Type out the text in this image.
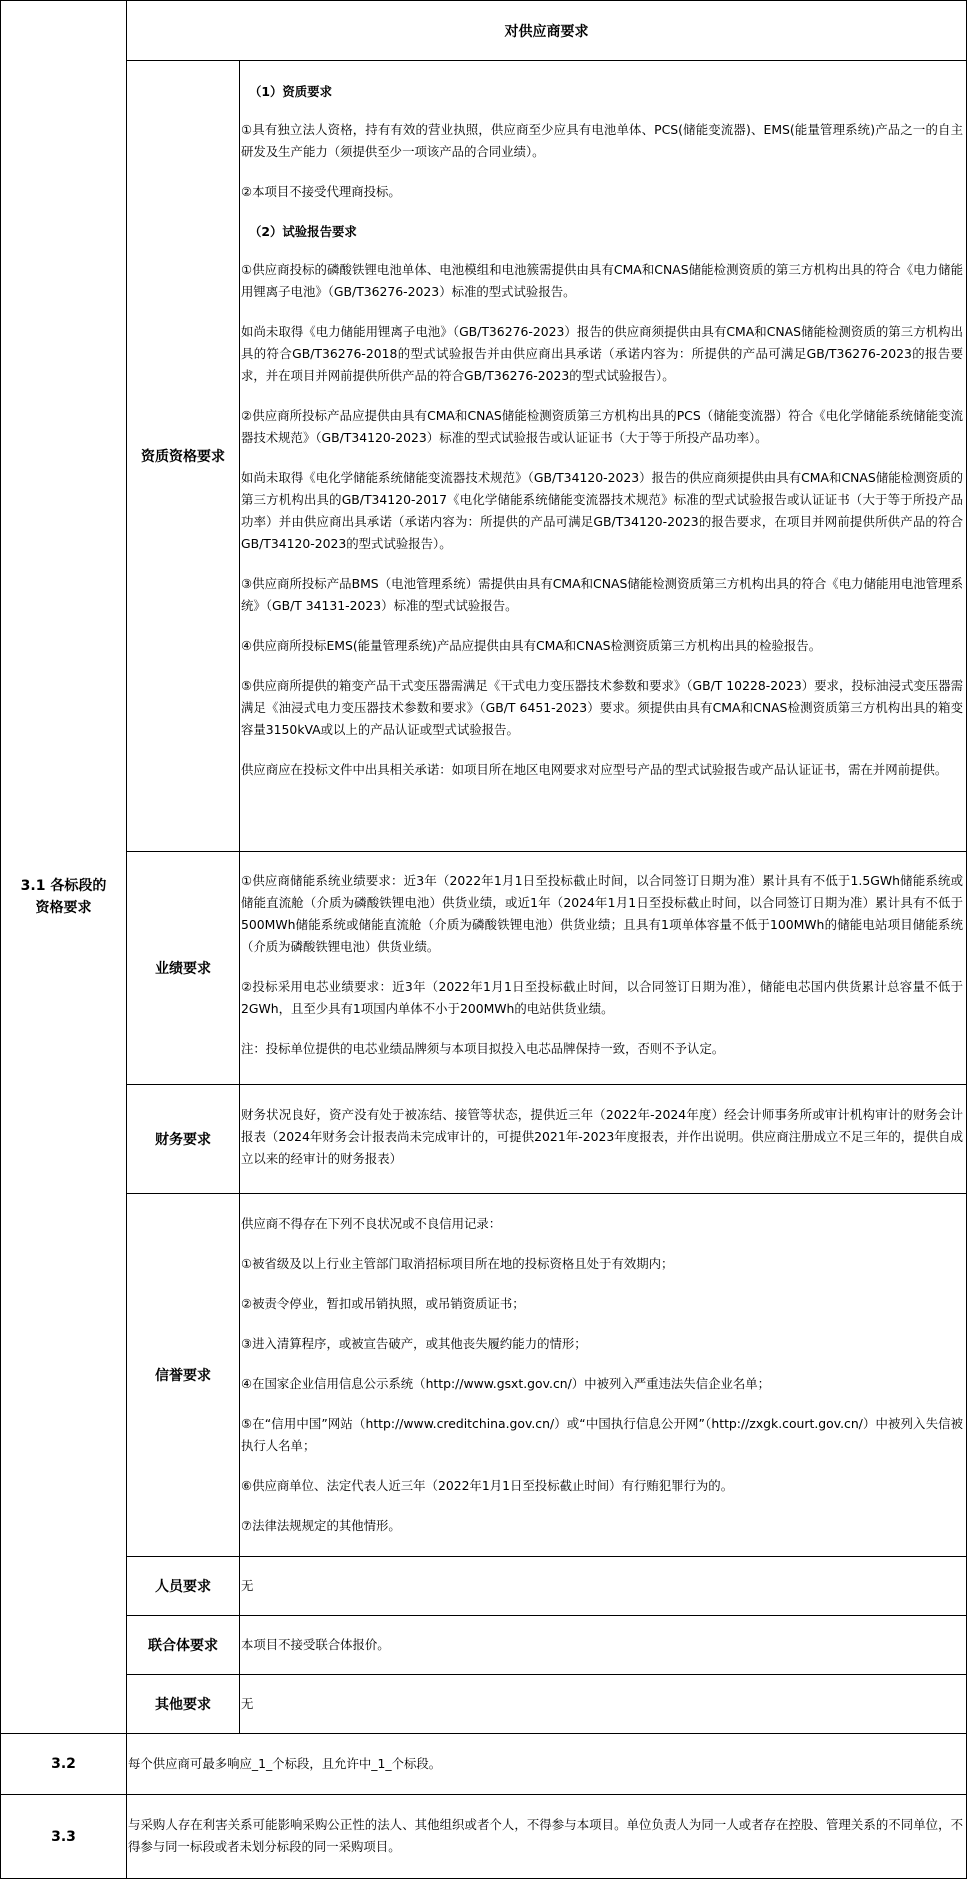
对供应商要求
3.1 各标段的资格要求
资质资格要求

（1）资质要求

①具有独立法人资格，持有有效的营业执照，供应商至少应具有电池单体、PCS(储能变流器)、EMS(能量管理系统)产品之一的自主研发及生产能力（须提供至少一项该产品的合同业绩）。

②本项目不接受代理商投标。

（2）试验报告要求

①供应商投标的磷酸铁锂电池单体、电池模组和电池簇需提供由具有CMA和CNAS储能检测资质的第三方机构出具的符合《电力储能用锂离子电池》（GB/T36276-2023）标准的型式试验报告。

如尚未取得《电力储能用锂离子电池》（GB/T36276-2023）报告的供应商须提供由具有CMA和CNAS储能检测资质的第三方机构出具的符合GB/T36276-2018的型式试验报告并由供应商出具承诺（承诺内容为：所提供的产品可满足GB/T36276-2023的报告要求，并在项目并网前提供所供产品的符合GB/T36276-2023的型式试验报告）。

②供应商所投标产品应提供由具有CMA和CNAS储能检测资质第三方机构出具的PCS（储能变流器）符合《电化学储能系统储能变流器技术规范》（GB/T34120-2023）标准的型式试验报告或认证证书（大于等于所投产品功率）。

如尚未取得《电化学储能系统储能变流器技术规范》（GB/T34120-2023）报告的供应商须提供由具有CMA和CNAS储能检测资质的第三方机构出具的GB/T34120-2017《电化学储能系统储能变流器技术规范》标准的型式试验报告或认证证书（大于等于所投产品功率）并由供应商出具承诺（承诺内容为：所提供的产品可满足GB/T34120-2023的报告要求，在项目并网前提供所供产品的符合GB/T34120-2023的型式试验报告）。

③供应商所投标产品BMS（电池管理系统）需提供由具有CMA和CNAS储能检测资质第三方机构出具的符合《电力储能用电池管理系统》（GB/T 34131-2023）标准的型式试验报告。

④供应商所投标EMS(能量管理系统)产品应提供由具有CMA和CNAS检测资质第三方机构出具的检验报告。

⑤供应商所提供的箱变产品干式变压器需满足《干式电力变压器技术参数和要求》（GB/T 10228-2023）要求，投标油浸式变压器需满足《油浸式电力变压器技术参数和要求》（GB/T 6451-2023）要求。须提供由具有CMA和CNAS检测资质第三方机构出具的箱变容量3150kVA或以上的产品认证或型式试验报告。

供应商应在投标文件中出具相关承诺：如项目所在地区电网要求对应型号产品的型式试验报告或产品认证证书，需在并网前提供。

业绩要求

①供应商储能系统业绩要求：近3年（2022年1月1日至投标截止时间，以合同签订日期为准）累计具有不低于1.5GWh储能系统或储能直流舱（介质为磷酸铁锂电池）供货业绩，或近1年（2024年1月1日至投标截止时间，以合同签订日期为准）累计具有不低于500MWh储能系统或储能直流舱（介质为磷酸铁锂电池）供货业绩；且具有1项单体容量不低于100MWh的储能电站项目储能系统（介质为磷酸铁锂电池）供货业绩。

②投标采用电芯业绩要求：近3年（2022年1月1日至投标截止时间，以合同签订日期为准），储能电芯国内供货累计总容量不低于2GWh，且至少具有1项国内单体不小于200MWh的电站供货业绩。

注：投标单位提供的电芯业绩品牌须与本项目拟投入电芯品牌保持一致，否则不予认定。

财务要求

财务状况良好，资产没有处于被冻结、接管等状态，提供近三年（2022年-2024年度）经会计师事务所或审计机构审计的财务会计报表（2024年财务会计报表尚未完成审计的，可提供2021年-2023年度报表，并作出说明。供应商注册成立不足三年的，提供自成立以来的经审计的财务报表）

信誉要求

供应商不得存在下列不良状况或不良信用记录：

①被省级及以上行业主管部门取消招标项目所在地的投标资格且处于有效期内；

②被责令停业，暂扣或吊销执照，或吊销资质证书；

③进入清算程序，或被宣告破产，或其他丧失履约能力的情形；

④在国家企业信用信息公示系统（http://www.gsxt.gov.cn/）中被列入严重违法失信企业名单；

⑤在“信用中国”网站（http://www.creditchina.gov.cn/）或“中国执行信息公开网”（http://zxgk.court.gov.cn/）中被列入失信被执行人名单；

⑥供应商单位、法定代表人近三年（2022年1月1日至投标截止时间）有行贿犯罪行为的。

⑦法律法规规定的其他情形。

人员要求 无
联合体要求 本项目不接受联合体报价。
其他要求 无
3.2	每个供应商可最多响应_1_个标段，且允许中_1_个标段。
3.3
与采购人存在利害关系可能影响采购公正性的法人、其他组织或者个人，不得参与本项目。单位负责人为同一人或者存在控股、管理关系的不同单位，不得参与同一标段或者未划分标段的同一采购项目。
